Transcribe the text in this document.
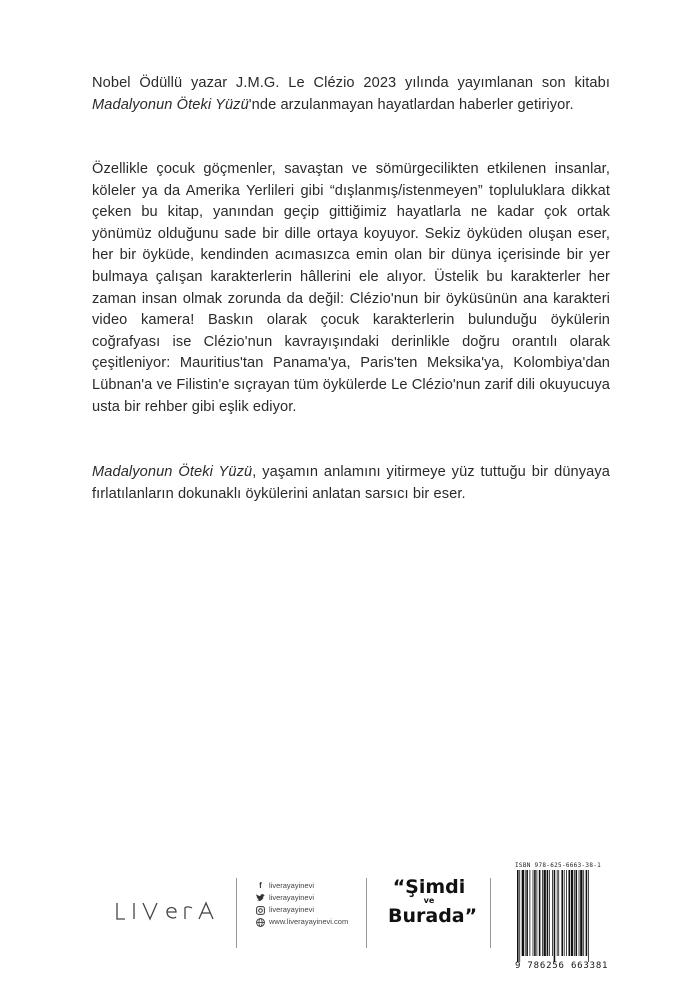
Nobel Ödüllü yazar J.M.G. Le Clézio 2023 yılında yayımlanan son kitabı Madalyonun Öteki Yüzü'nde arzulanmayan hayatlardan haberler getiriyor.

Özellikle çocuk göçmenler, savaştan ve sömürgecilikten etkilenen insanlar, köleler ya da Amerika Yerlileri gibi “dışlanmış/istenmeyen” topluluklara dikkat çeken bu kitap, yanından geçip gittiğimiz hayatlarla ne kadar çok ortak yönümüz olduğunu sade bir dille ortaya koyuyor. Sekiz öyküden oluşan eser, her bir öyküde, kendinden acımasızca emin olan bir dünya içerisinde bir yer bulmaya çalışan karakterlerin hâllerini ele alıyor. Üstelik bu karakterler her zaman insan olmak zorunda da değil: Clézio'nun bir öyküsünün ana karakteri video kamera! Baskın olarak çocuk karakterlerin bulunduğu öykülerin coğrafyası ise Clézio'nun kavrayışındaki derinlikle doğru orantılı olarak çeşitleniyor: Mauritius'tan Panama'ya, Paris'ten Meksika'ya, Kolombiya'dan Lübnan'a ve Filistin'e sıçrayan tüm öykülerde Le Clézio'nun zarif dili okuyucuya usta bir rehber gibi eşlik ediyor.

Madalyonun Öteki Yüzü, yaşamın anlamını yitirmeye yüz tuttuğu bir dünyaya fırlatılanların dokunaklı öykülerini anlatan sarsıcı bir eser.

f liverayayinevi
liverayayinevi
liverayayinevi
www.liverayayinevi.com
“Şimdi
ve
Burada”
ISBN 978-625-6663-38-1
9 786256 663381
